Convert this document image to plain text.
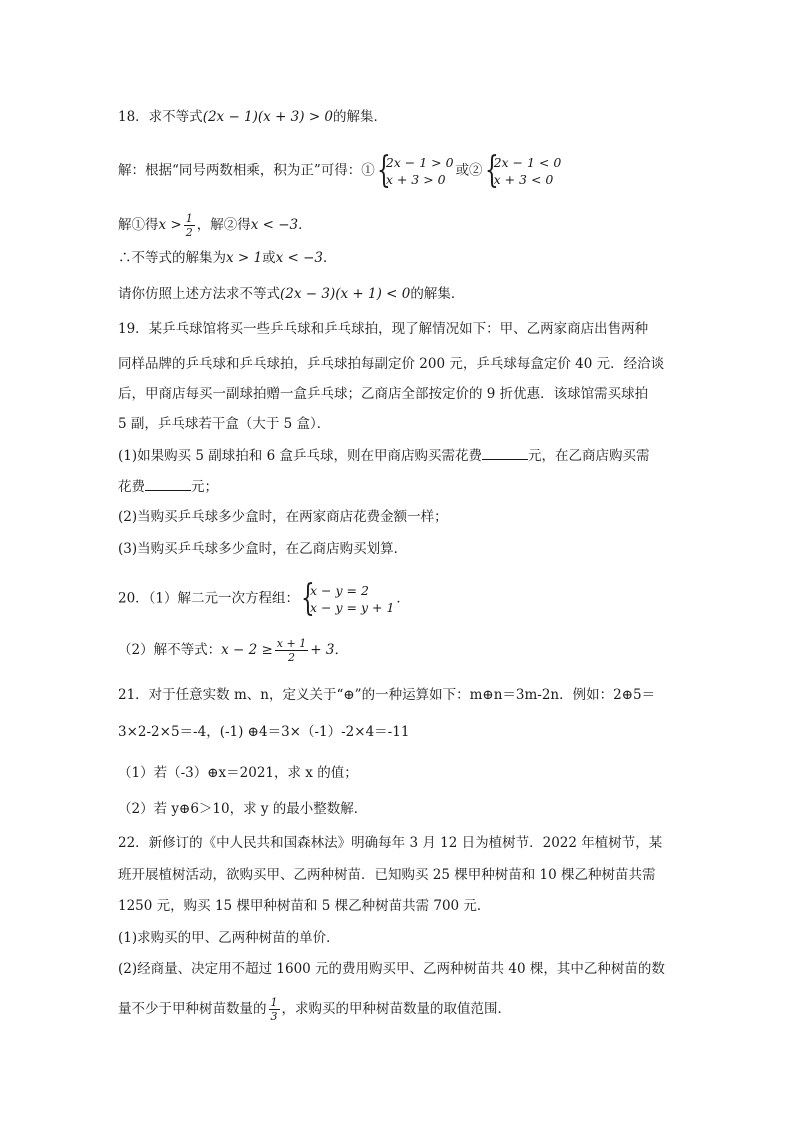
18．求不等式(2x − 1)(x + 3) > 0的解集．
解：根据“同号两数相乘，积为正”可得：① {
2x − 1 > 0
x + 3 > 0
或② {
2x − 1 < 0
x + 3 < 0
解①得$x > \frac{1}{2}$ ，解②得x < −3．
∴不等式的解集为x > 1或x < −3．
请你仿照上述方法求不等式(2x − 3)(x + 1) < 0的解集．
19．某乒乓球馆将买一些乒乓球和乒乓球拍，现了解情况如下：甲、乙两家商店出售两种
同样品牌的乒乓球和乒乓球拍，乒乓球拍每副定价 200 元，乒乓球每盒定价 40 元．经洽谈
后，甲商店每买一副球拍赠一盒乒乓球；乙商店全部按定价的 9 折优惠．该球馆需买球拍
5 副，乒乓球若干盒（大于 5 盒）．
(1)如果购买 5 副球拍和 6 盒乒乓球，则在甲商店购买需花费	元，在乙商店购买需
花费	元；
(2)当购买乒乓球多少盒时，在两家商店花费金额一样；
(3)当购买乒乓球多少盒时，在乙商店购买划算．
20．（1）解二元一次方程组： {
x − y = 2
x − y = y + 1
．
（2）解不等式：$x - 2 \ge \frac{x + 1}{2} + 3$．
21．对于任意实数 m、n，定义关于“⊕”的一种运算如下：m⊕n＝3m-2n．例如：2⊕5＝
3×2-2×5＝-4，(-1) ⊕4＝3×（-1）-2×4＝-11
（1）若（-3）⊕x＝2021，求 x 的值；
（2）若 y⊕6＞10，求 y 的最小整数解．
22．新修订的《中人民共和国森林法》明确每年 3 月 12 日为植树节．2022 年植树节，某
班开展植树活动，欲购买甲、乙两种树苗．已知购买 25 棵甲种树苗和 10 棵乙种树苗共需
1250 元，购买 15 棵甲种树苗和 5 棵乙种树苗共需 700 元．
(1)求购买的甲、乙两种树苗的单价．
(2)经商量、决定用不超过 1600 元的费用购买甲、乙两种树苗共 40 棵，其中乙种树苗的数
量不少于甲种树苗数量的 $\frac{1}{3}$ ，求购买的甲种树苗数量的取值范围．
